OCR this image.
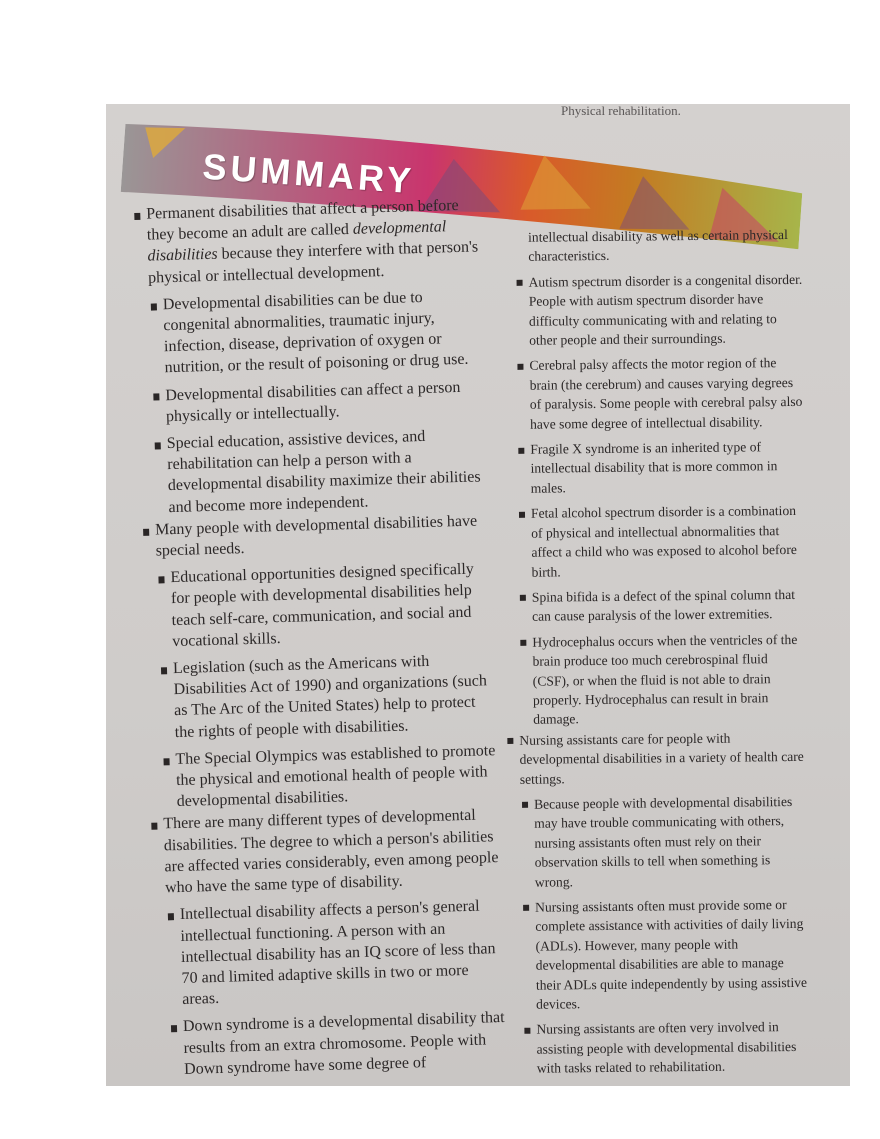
Physical rehabilitation.
SUMMARY
Permanent disabilities that affect a person before they become an adult are called developmental disabilities because they interfere with that person's physical or intellectual development.
Developmental disabilities can be due to congenital abnormalities, traumatic injury, infection, disease, deprivation of oxygen or nutrition, or the result of poisoning or drug use.
Developmental disabilities can affect a person physically or intellectually.
Special education, assistive devices, and rehabilitation can help a person with a developmental disability maximize their abilities and become more independent.
Many people with developmental disabilities have special needs.
Educational opportunities designed specifically for people with developmental disabilities help teach self-care, communication, and social and vocational skills.
Legislation (such as the Americans with Disabilities Act of 1990) and organizations (such as The Arc of the United States) help to protect the rights of people with disabilities.
The Special Olympics was established to promote the physical and emotional health of people with developmental disabilities.
There are many different types of developmental disabilities. The degree to which a person's abilities are affected varies considerably, even among people who have the same type of disability.
Intellectual disability affects a person's general intellectual functioning. A person with an intellectual disability has an IQ score of less than 70 and limited adaptive skills in two or more areas.
Down syndrome is a developmental disability that results from an extra chromosome. People with Down syndrome have some degree of
intellectual disability as well as certain physical characteristics.
Autism spectrum disorder is a congenital disorder. People with autism spectrum disorder have difficulty communicating with and relating to other people and their surroundings.
Cerebral palsy affects the motor region of the brain (the cerebrum) and causes varying degrees of paralysis. Some people with cerebral palsy also have some degree of intellectual disability.
Fragile X syndrome is an inherited type of intellectual disability that is more common in males.
Fetal alcohol spectrum disorder is a combination of physical and intellectual abnormalities that affect a child who was exposed to alcohol before birth.
Spina bifida is a defect of the spinal column that can cause paralysis of the lower extremities.
Hydrocephalus occurs when the ventricles of the brain produce too much cerebrospinal fluid (CSF), or when the fluid is not able to drain properly. Hydrocephalus can result in brain damage.
Nursing assistants care for people with developmental disabilities in a variety of health care settings.
Because people with developmental disabilities may have trouble communicating with others, nursing assistants often must rely on their observation skills to tell when something is wrong.
Nursing assistants often must provide some or complete assistance with activities of daily living (ADLs). However, many people with developmental disabilities are able to manage their ADLs quite independently by using assistive devices.
Nursing assistants are often very involved in assisting people with developmental disabilities with tasks related to rehabilitation.
